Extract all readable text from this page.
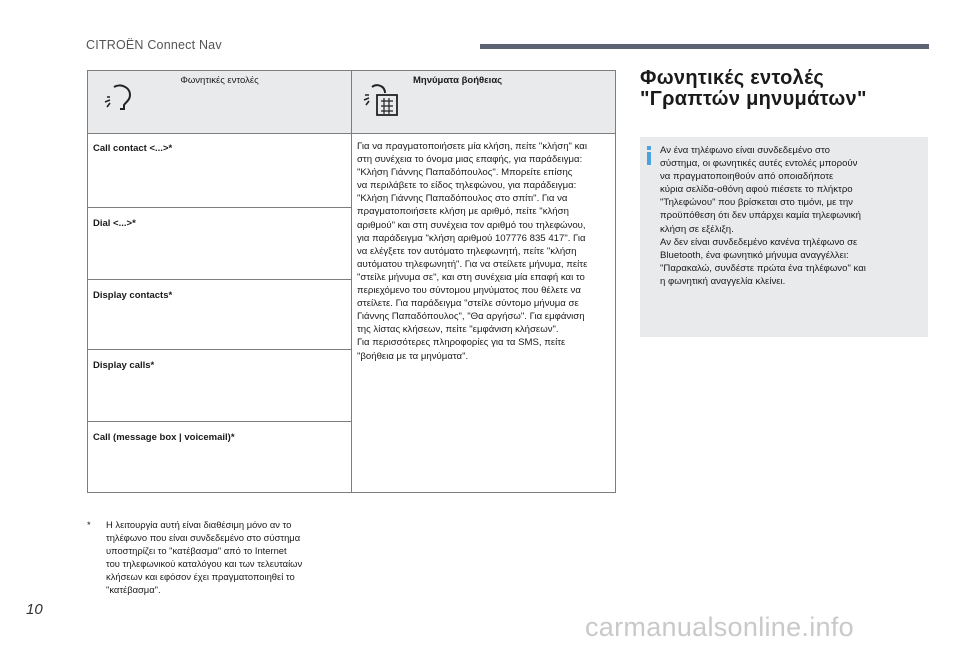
CITROËN Connect Nav
Φωνητικές εντολές	Μηνύματα βοήθειας
Call contact <...>*
Dial <...>*
Display contacts*
Display calls*
Call (message box | voicemail)*
Για να πραγματοποιήσετε μία κλήση, πείτε "κλήση" και
στη συνέχεια το όνομα μιας επαφής, για παράδειγμα:
"Κλήση Γιάννης Παπαδόπουλος". Μπορείτε επίσης
να περιλάβετε το είδος τηλεφώνου, για παράδειγμα:
"Κλήση Γιάννης Παπαδόπουλος στο σπίτι". Για να
πραγματοποιήσετε κλήση με αριθμό, πείτε "κλήση
αριθμού" και στη συνέχεια τον αριθμό του τηλεφώνου,
για παράδειγμα "κλήση αριθμού 107776 835 417". Για
να ελέγξετε τον αυτόματο τηλεφωνητή, πείτε "κλήση
αυτόματου τηλεφωνητή". Για να στείλετε μήνυμα, πείτε
"στείλε μήνυμα σε", και στη συνέχεια μία επαφή και το
περιεχόμενο του σύντομου μηνύματος που θέλετε να
στείλετε. Για παράδειγμα "στείλε σύντομο μήνυμα σε
Γιάννης Παπαδόπουλος", "Θα αργήσω". Για εμφάνιση
της λίστας κλήσεων, πείτε "εμφάνιση κλήσεων".
Για περισσότερες πληροφορίες για τα SMS, πείτε
"βοήθεια με τα μηνύματα".
* Η λειτουργία αυτή είναι διαθέσιμη μόνο αν το
τηλέφωνο που είναι συνδεδεμένο στο σύστημα
υποστηρίζει το "κατέβασμα" από το Internet
του τηλεφωνικού καταλόγου και των τελευταίων
κλήσεων και εφόσον έχει πραγματοποιηθεί το
"κατέβασμα".
Φωνητικές εντολές
"Γραπτών μηνυμάτων"
Αν ένα τηλέφωνο είναι συνδεδεμένο στο
σύστημα, οι φωνητικές αυτές εντολές μπορούν
να πραγματοποιηθούν από οποιαδήποτε
κύρια σελίδα-οθόνη αφού πιέσετε το πλήκτρο
"Τηλεφώνου" που βρίσκεται στο τιμόνι, με την
προϋπόθεση ότι δεν υπάρχει καμία τηλεφωνική
κλήση σε εξέλιξη.
Αν δεν είναι συνδεδεμένο κανένα τηλέφωνο σε
Bluetooth, ένα φωνητικό μήνυμα αναγγέλλει:
"Παρακαλώ, συνδέστε πρώτα ένα τηλέφωνο" και
η φωνητική αναγγελία κλείνει.
10
carmanualsonline.info
